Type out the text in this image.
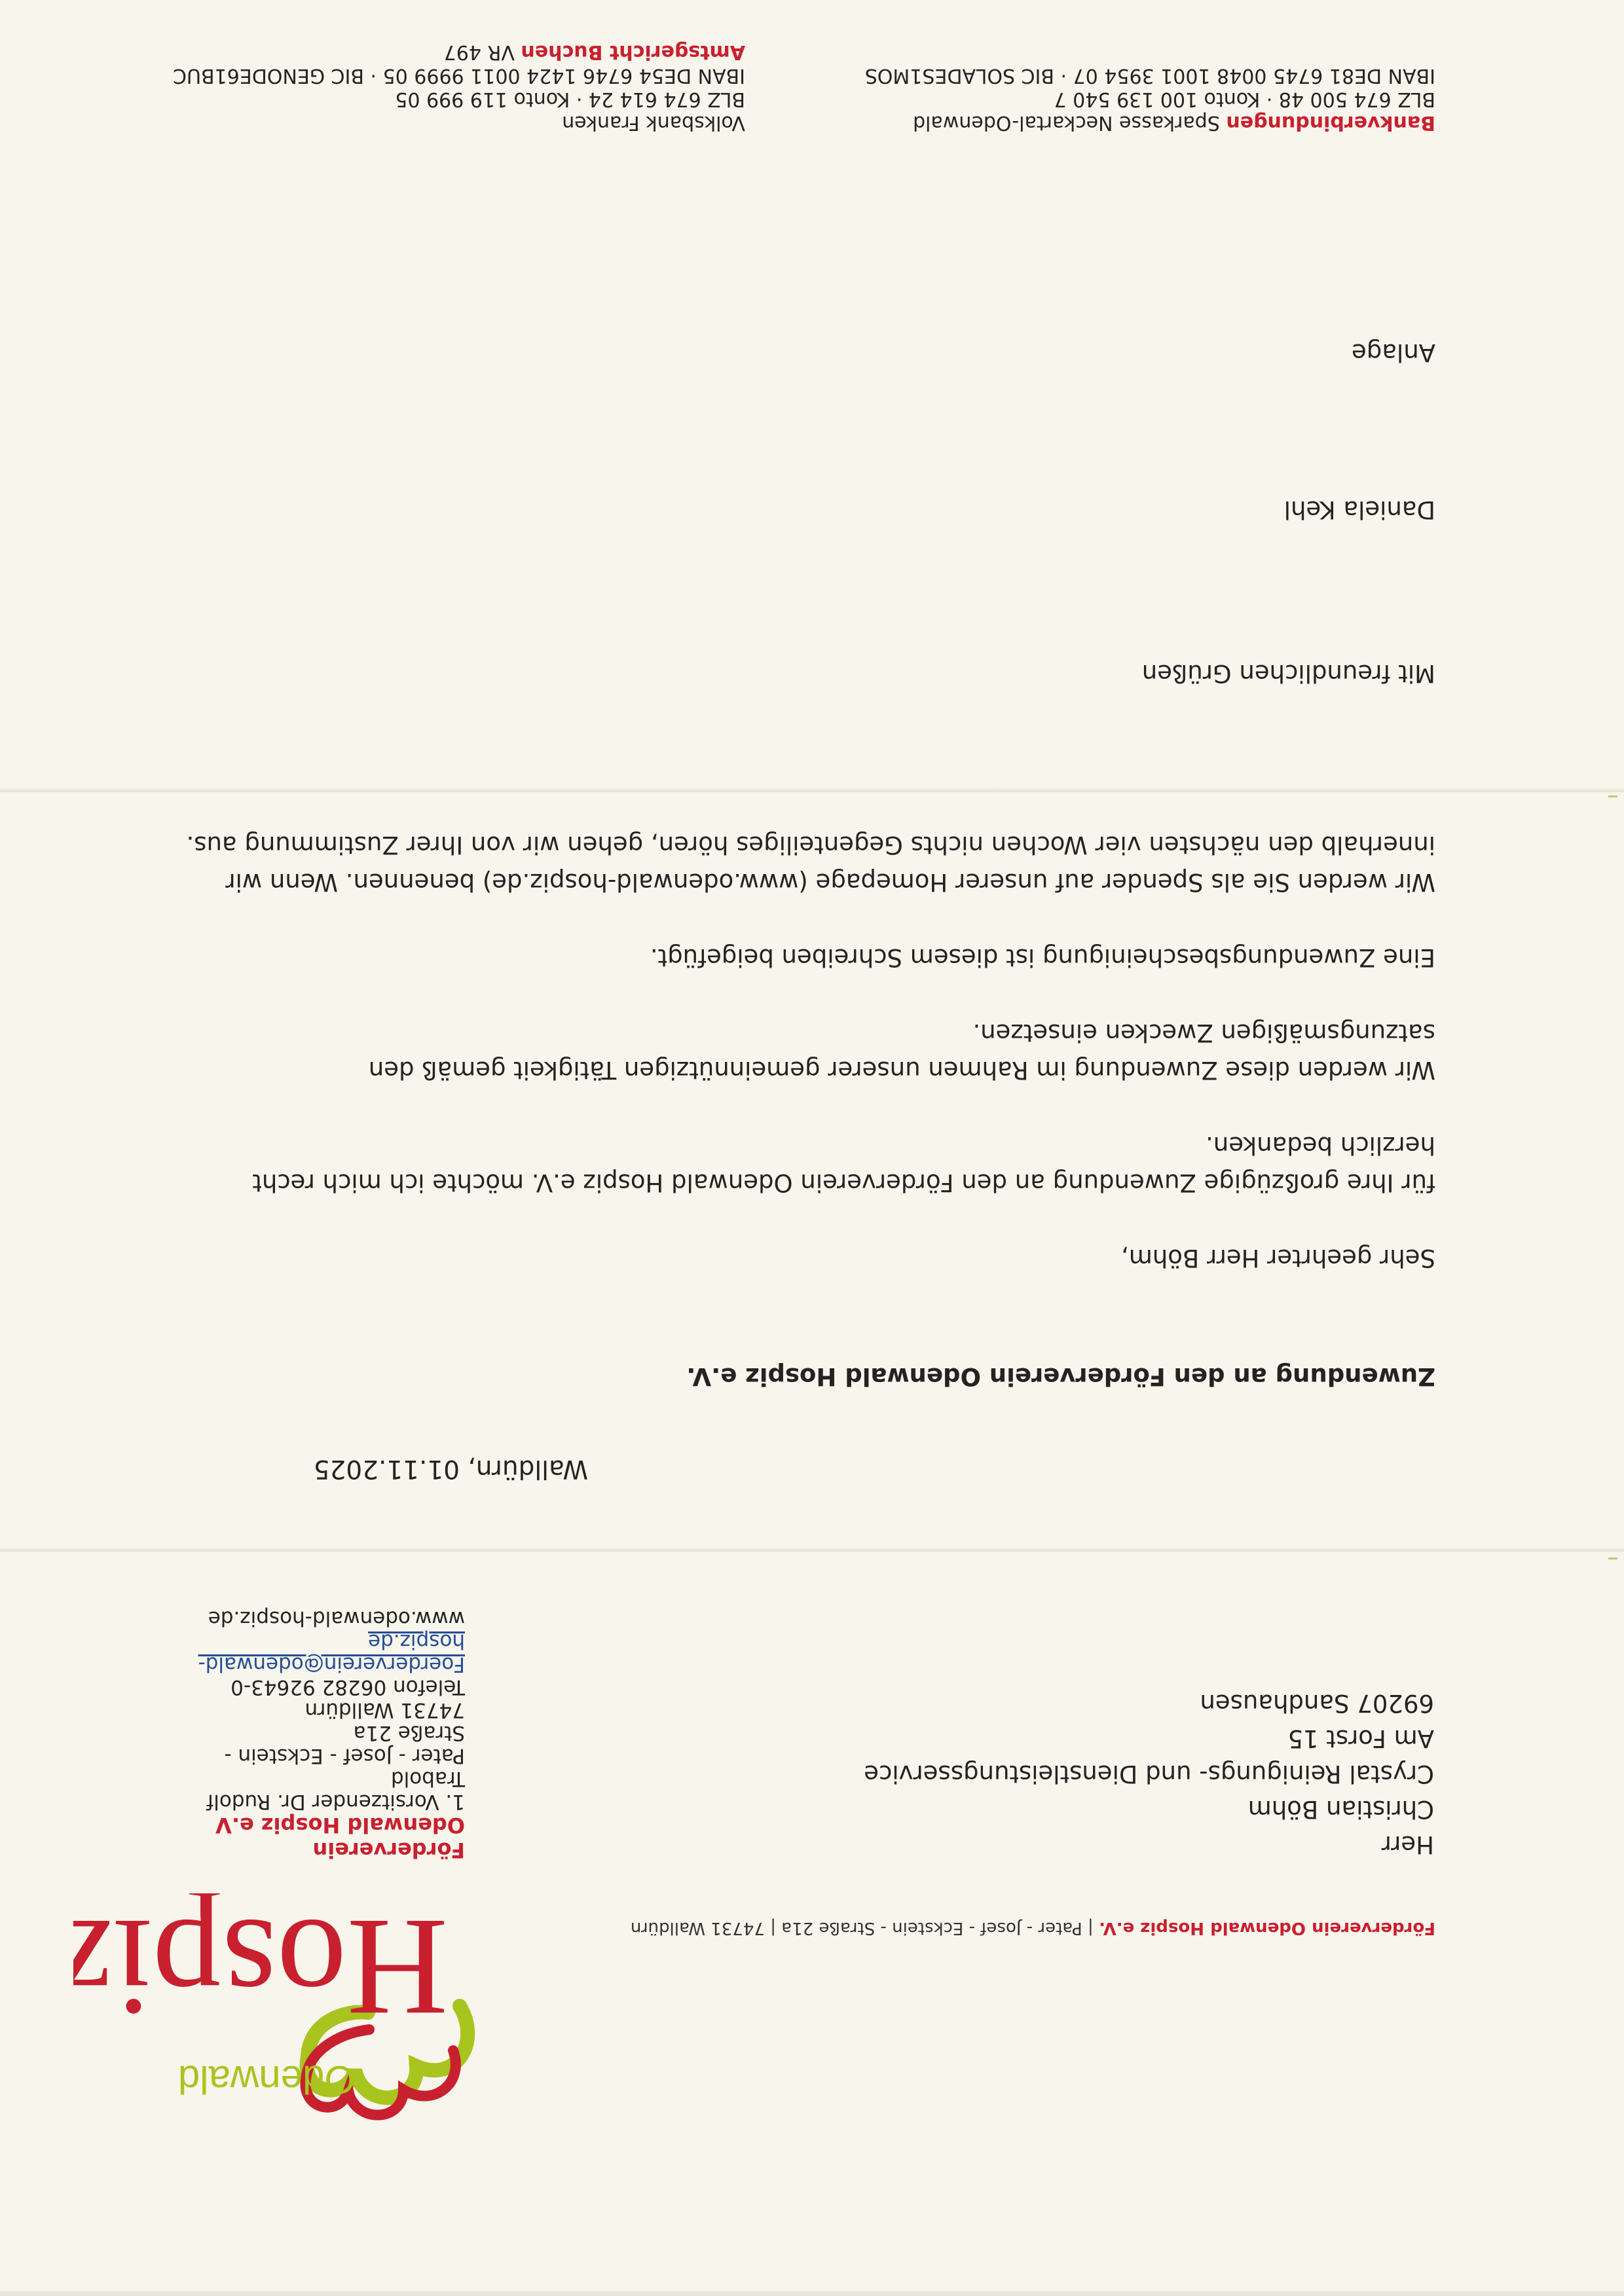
Odenwald
Hospiz	Förderverein Odenwald Hospiz e.V. | Pater - Josef - Eckstein - Straße 21a | 74731 Walldürn
Herr
Christian Böhm
Crystal Reinigungs- und Dienstleistungsservice
Am Forst 15
69207 Sandhausen
Förderverein
Odenwald Hospiz e.V
1. Vorsitzender Dr. Rudolf Trabold
Pater - Josef - Eckstein - Straße 21a
74731 Walldürn
Telefon 06282 92643-0
Foerderverein@odenwald-
hospiz.de
www.odenwald-hospiz.de
Walldürn, 01.11.2025
Zuwendung an den Förderverein Odenwald Hospiz e.V.

Sehr geehrter Herr Böhm,

für Ihre großzügige Zuwendung an den Förderverein Odenwald Hospiz e.V. möchte ich mich recht herzlich bedanken.

Wir werden diese Zuwendung im Rahmen unserer gemeinnützigen Tätigkeit gemäß den satzungsmäßigen Zwecken einsetzen.

Eine Zuwendungsbescheinigung ist diesem Schreiben beigefügt.

Wir werden Sie als Spender auf unserer Homepage (www.odenwald-hospiz.de) benennen. Wenn wir innerhalb den nächsten vier Wochen nichts Gegenteiliges hören, gehen wir von Ihrer Zustimmung aus.

Mit freundlichen Grüßen
Daniela Kehl
Anlage
Bankverbindungen Sparkasse Neckartal-Odenwald
BLZ 674 500 48 · Konto 100 139 540 7
IBAN DE81 6745 0048 1001 3954 07 · BIC SOLADES1MOS
Volksbank Franken
BLZ 674 614 24 · Konto 119 999 05
IBAN DE54 6746 1424 0011 9999 05 · BIC GENODE61BUC
Amtsgericht Buchen VR 497
